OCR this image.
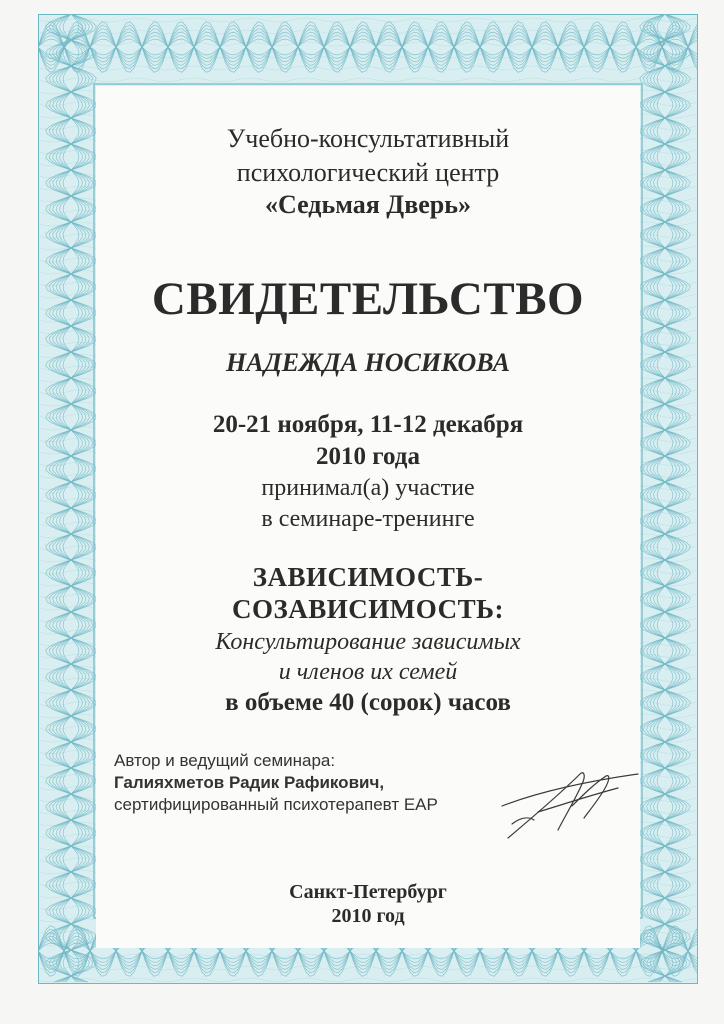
Учебно-консультативный
психологический центр
«Седьмая Дверь»
СВИДЕТЕЛЬСТВО
НАДЕЖДА НОСИКОВА
20-21 ноября, 11-12 декабря
2010 года
принимал(а) участие
в семинаре-тренинге
ЗАВИСИМОСТЬ-
СОЗАВИСИМОСТЬ:
Консультирование зависимых
и членов их семей
в объеме 40 (сорок) часов
Автор и ведущий семинара:
Галияхметов Радик Рафикович,
сертифицированный психотерапевт ЕАР
Санкт-Петербург
2010 год
